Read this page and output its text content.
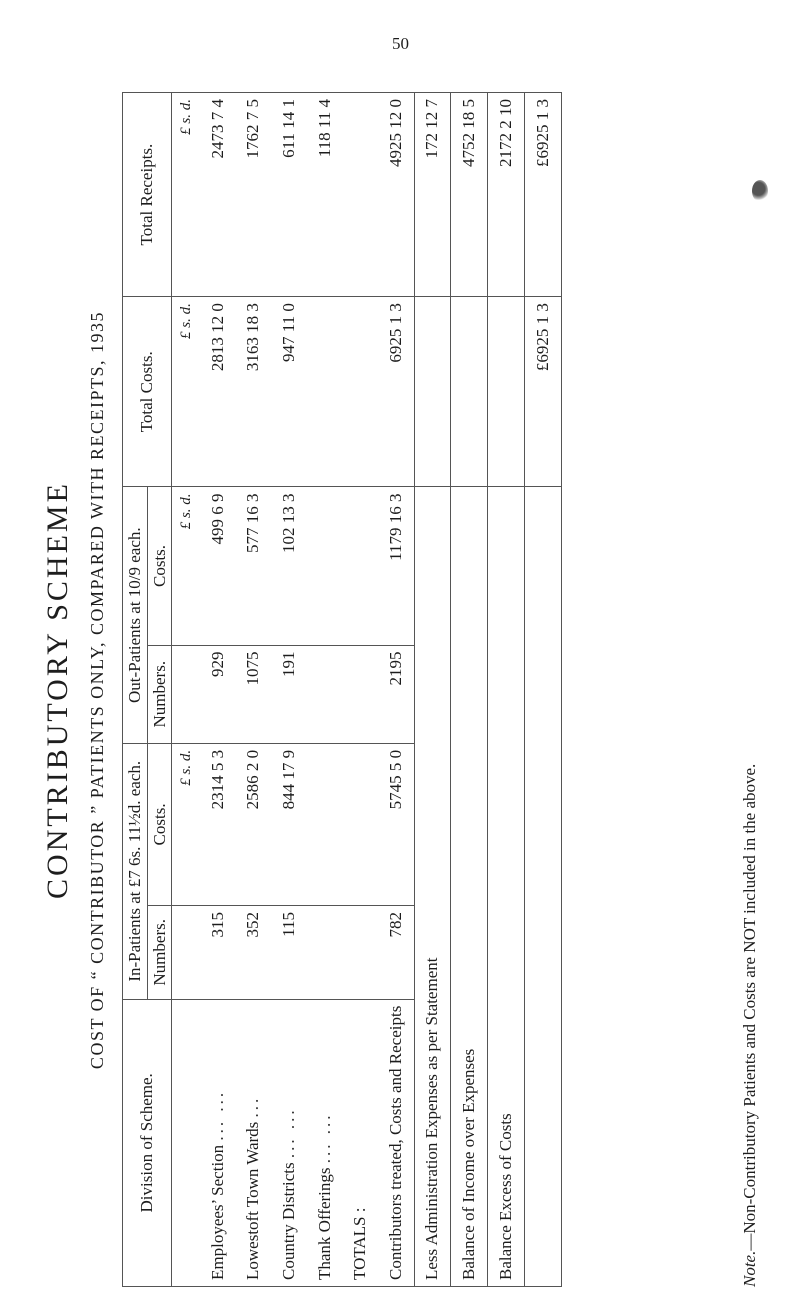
50
CONTRIBUTORY SCHEME COST OF “ CONTRIBUTOR ” PATIENTS ONLY, COMPARED WITH RECEIPTS, 1935
Division of Scheme.	In-Patients at £7 6s. 11½d. each.		Out-Patients at 10/9 each.		Total Costs.	Total Receipts.
	Numbers.	Costs.	Numbers.	Costs.		
		£ s. d.		£ s. d.	£ s. d.	£ s. d.
Employees’ Section ... ...	315	2314 5 3	929	499 6 9	2813 12 0	2473 7 4
Lowestoft Town Wards ...	352	2586 2 0	1075	577 16 3	3163 18 3	1762 7 5
Country Districts ... ...	115	844 17 9	191	102 13 3	947 11 0	611 14 1
Thank Offerings ... ...						118 11 4
TOTALS :						
Contributors treated, Costs and Receipts	782	5745 5 0	2195	1179 16 3	6925 1 3	4925 12 0
Less Administration Expenses as per Statement						172 12 7
Balance of Income over Expenses						4752 18 5
Balance Excess of Costs						2172 2 10
					£6925 1 3	£6925 1 3
Note.—Non-Contributory Patients and Costs are NOT included in the above.
